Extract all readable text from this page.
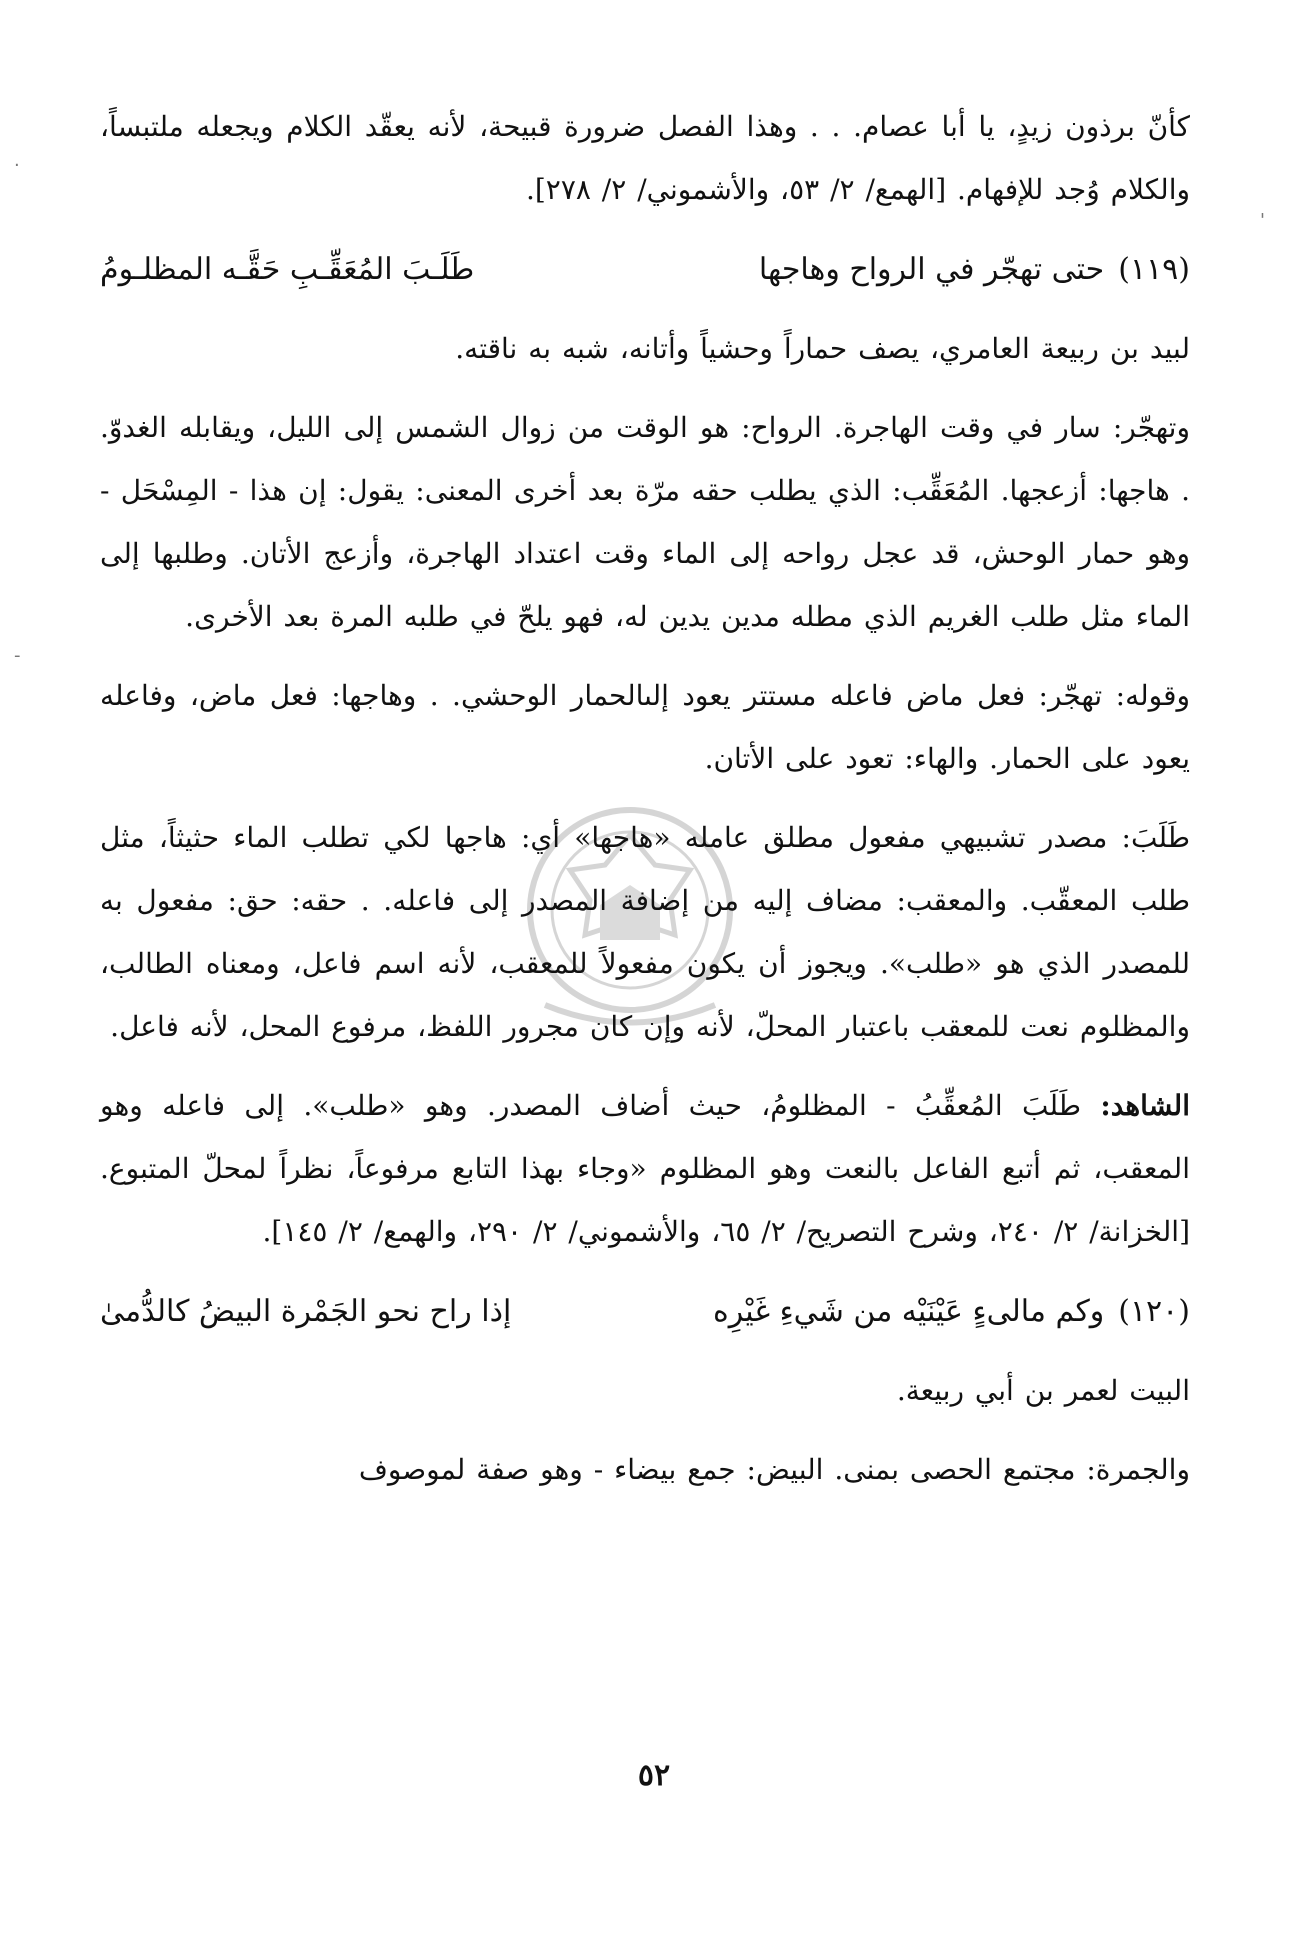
.
-
'

كأنّ برذون زيدٍ، يا أبا عصام. . . وهذا الفصل ضرورة قبيحة، لأنه يعقّد الكلام ويجعله ملتبساً، والكلام وُجد للإفهام. [الهمع/ ٢/ ٥٣، والأشموني/ ٢/ ٢٧٨].

(١١٩)
حتى تهجّر في الرواح وهاجها
طَلَـبَ المُعَقِّـبِ حَقَّـه المظلـومُ

لبيد بن ربيعة العامري، يصف حماراً وحشياً وأتانه، شبه به ناقته.

وتهجّر: سار في وقت الهاجرة. الرواح: هو الوقت من زوال الشمس إلى الليل، ويقابله الغدوّ. . هاجها: أزعجها. المُعَقِّب: الذي يطلب حقه مرّة بعد أخرى المعنى: يقول: إن هذا - المِسْحَل - وهو حمار الوحش، قد عجل رواحه إلى الماء وقت اعتداد الهاجرة، وأزعج الأتان. وطلبها إلى الماء مثل طلب الغريم الذي مطله مدين يدين له، فهو يلحّ في طلبه المرة بعد الأخرى.

وقوله: تهجّر: فعل ماض فاعله مستتر يعود إلىالحمار الوحشي. . وهاجها: فعل ماض، وفاعله يعود على الحمار. والهاء: تعود على الأتان.

طَلَبَ: مصدر تشبيهي مفعول مطلق عامله «هاجها» أي: هاجها لكي تطلب الماء حثيثاً، مثل طلب المعقّب. والمعقب: مضاف إليه من إضافة المصدر إلى فاعله. . حقه: حق: مفعول به للمصدر الذي هو «طلب». ويجوز أن يكون مفعولاً للمعقب، لأنه اسم فاعل، ومعناه الطالب، والمظلوم نعت للمعقب باعتبار المحلّ، لأنه وإن كان مجرور اللفظ، مرفوع المحل، لأنه فاعل.

الشاهد: طَلَبَ المُعقِّبُ - المظلومُ، حيث أضاف المصدر. وهو «طلب». إلى فاعله وهو المعقب، ثم أتبع الفاعل بالنعت وهو المظلوم «وجاء بهذا التابع مرفوعاً، نظراً لمحلّ المتبوع. [الخزانة/ ٢/ ٢٤٠، وشرح التصريح/ ٢/ ٦٥، والأشموني/ ٢/ ٢٩٠، والهمع/ ٢/ ١٤٥].

(١٢٠)
وكم مالىءٍ عَيْنَيْه من شَيءِ غَيْرِه
إذا راح نحو الجَمْرة البيضُ كالدُّمىٰ

البيت لعمر بن أبي ربيعة.

والجمرة: مجتمع الحصى بمنى. البيض: جمع بيضاء - وهو صفة لموصوف

٥٢
